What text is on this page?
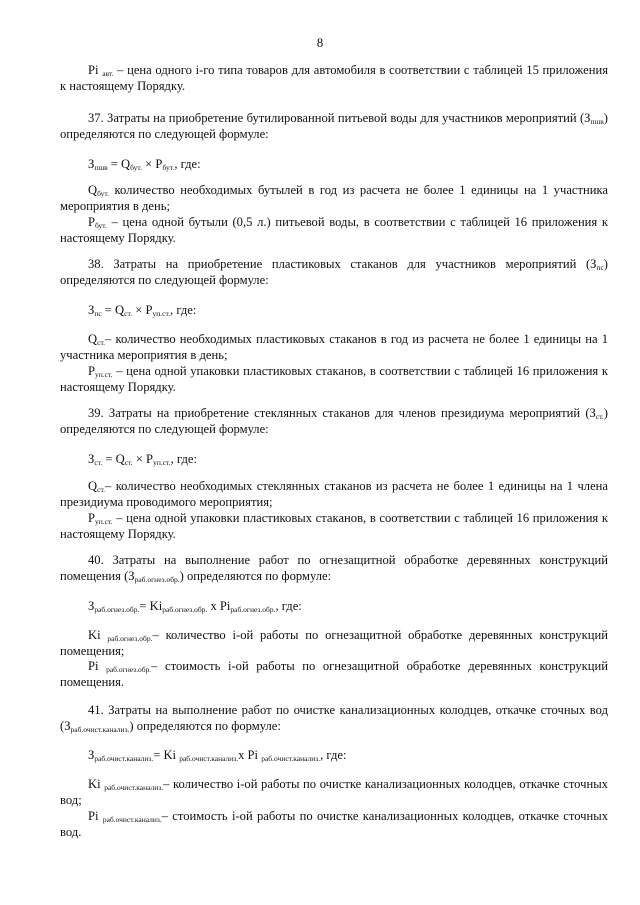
8
Pi $_{авт.}$ – цена одного i-го типа товаров для автомобиля в соответствии с таблицей 15 приложения к настоящему Порядку.
37. Затраты на приобретение бутилированной питьевой воды для участников мероприятий $(З_{пшв})$ определяются по следующей формуле:
$З_{пшв} = Q_{бут.} \times P_{бут.}$, где:
$Q_{бут.}$ количество необходимых бутылей в год из расчета не более 1 единицы на 1 участника мероприятия в день;
$P_{бут.}$ – цена одной бутыли (0,5 л.) питьевой воды, в соответствии с таблицей 16 приложения к настоящему Порядку.
38. Затраты на приобретение пластиковых стаканов для участников мероприятий $(З_{пс})$ определяются по следующей формуле:
$З_{пс} = Q_{ст.} \times P_{уп.ст.}$, где:
$Q_{ст.}-$ количество необходимых пластиковых стаканов в год из расчета не более 1 единицы на 1 участника мероприятия в день;
$P_{уп.ст.}$ – цена одной упаковки пластиковых стаканов, в соответствии с таблицей 16 приложения к настоящему Порядку.
39. Затраты на приобретение стеклянных стаканов для членов президиума мероприятий $(З_{ст.})$ определяются по следующей формуле:
$З_{ст.} = Q_{ст.} \times P_{уп.ст.}$, где:
$Q_{ст.}-$ количество необходимых стеклянных стаканов из расчета не более 1 единицы на 1 члена президиума проводимого мероприятия;
$P_{уп.ст.}$ – цена одной упаковки пластиковых стаканов, в соответствии с таблицей 16 приложения к настоящему Порядку.
40. Затраты на выполнение работ по огнезащитной обработке деревянных конструкций помещения $(З_{раб.огнез.обр.})$ определяются по формуле:
$З_{раб.огнез.обр.}= Ki_{раб.огнез.обр.}$ x $Pi_{раб.огнез.обр.}$, где:
Ki $_{раб.огнез.обр.}$– количество i-ой работы по огнезащитной обработке деревянных конструкций помещения;
Pi $_{раб.огнез.обр.}$– стоимость i-ой работы по огнезащитной обработке деревянных конструкций помещения.
41. Затраты на выполнение работ по очистке канализационных колодцев, откачке сточных вод $(З_{раб.очист.канализ.})$ определяются по формуле:
$З_{раб.очист.канализ.}= Ki$ $_{раб.очист.канализ.}$x Pi $_{раб.очист.канализ.}$, где:
Ki $_{раб.очист.канализ.}$– количество i-ой работы по очистке канализационных колодцев, откачке сточных вод;
Pi $_{раб.очист.канализ.}$– стоимость i-ой работы по очистке канализационных колодцев, откачке сточных вод.
